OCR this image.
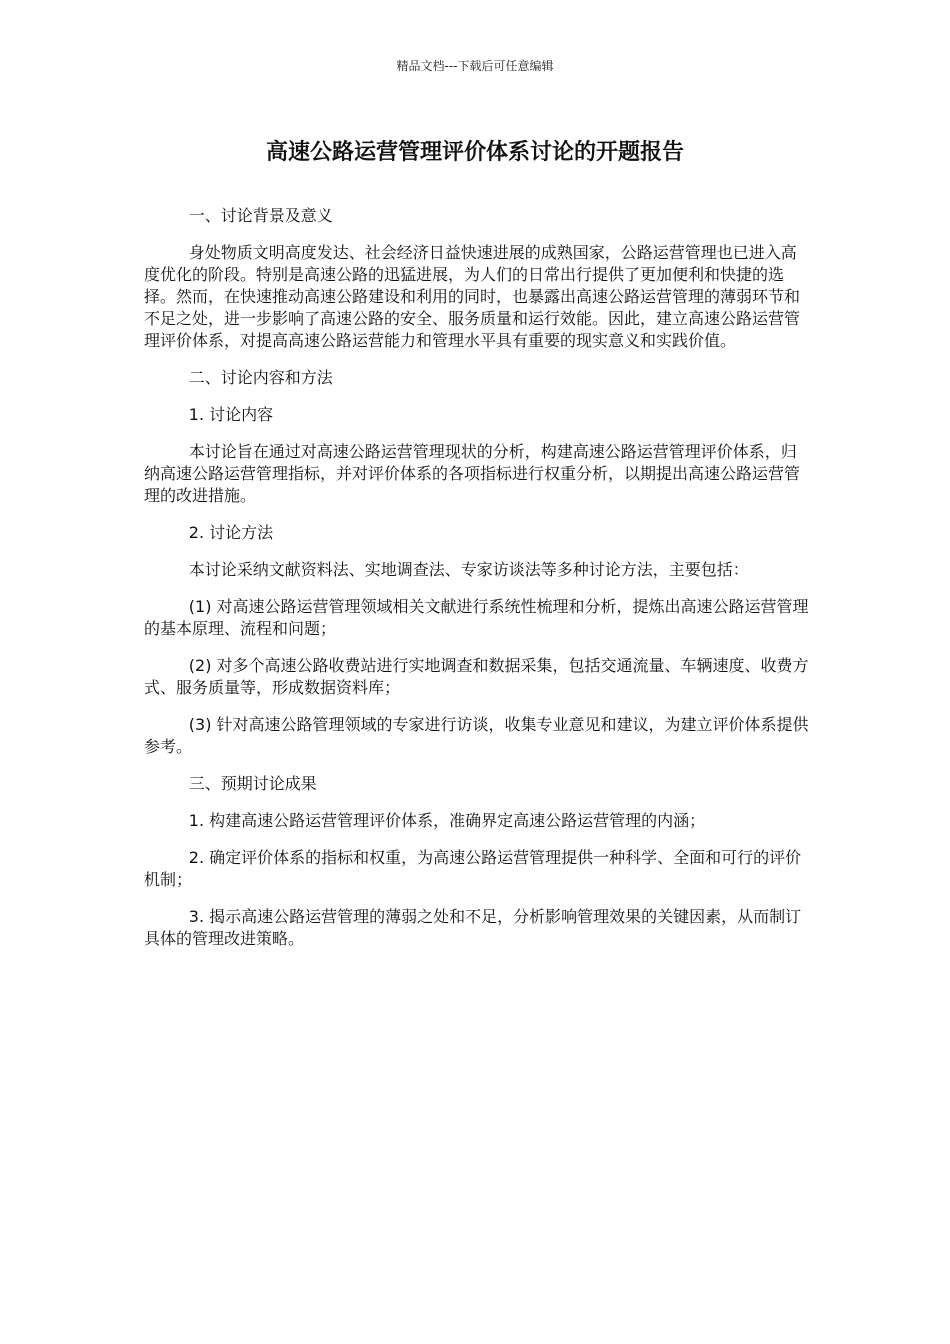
精品文档---下载后可任意编辑
高速公路运营管理评价体系讨论的开题报告

一、讨论背景及意义

身处物质文明高度发达、社会经济日益快速进展的成熟国家，公路运营管理也已进入高度优化的阶段。特别是高速公路的迅猛进展，为人们的日常出行提供了更加便利和快捷的选择。然而，在快速推动高速公路建设和利用的同时，也暴露出高速公路运营管理的薄弱环节和不足之处，进一步影响了高速公路的安全、服务质量和运行效能。因此，建立高速公路运营管理评价体系，对提高高速公路运营能力和管理水平具有重要的现实意义和实践价值。

二、讨论内容和方法

1. 讨论内容

本讨论旨在通过对高速公路运营管理现状的分析，构建高速公路运营管理评价体系，归纳高速公路运营管理指标，并对评价体系的各项指标进行权重分析，以期提出高速公路运营管理的改进措施。

2. 讨论方法

本讨论采纳文献资料法、实地调查法、专家访谈法等多种讨论方法，主要包括：

(1) 对高速公路运营管理领域相关文献进行系统性梳理和分析，提炼出高速公路运营管理的基本原理、流程和问题；

(2) 对多个高速公路收费站进行实地调查和数据采集，包括交通流量、车辆速度、收费方式、服务质量等，形成数据资料库；

(3) 针对高速公路管理领域的专家进行访谈，收集专业意见和建议，为建立评价体系提供参考。

三、预期讨论成果

1. 构建高速公路运营管理评价体系，准确界定高速公路运营管理的内涵；

2. 确定评价体系的指标和权重，为高速公路运营管理提供一种科学、全面和可行的评价机制；

3. 揭示高速公路运营管理的薄弱之处和不足，分析影响管理效果的关键因素，从而制订具体的管理改进策略。
